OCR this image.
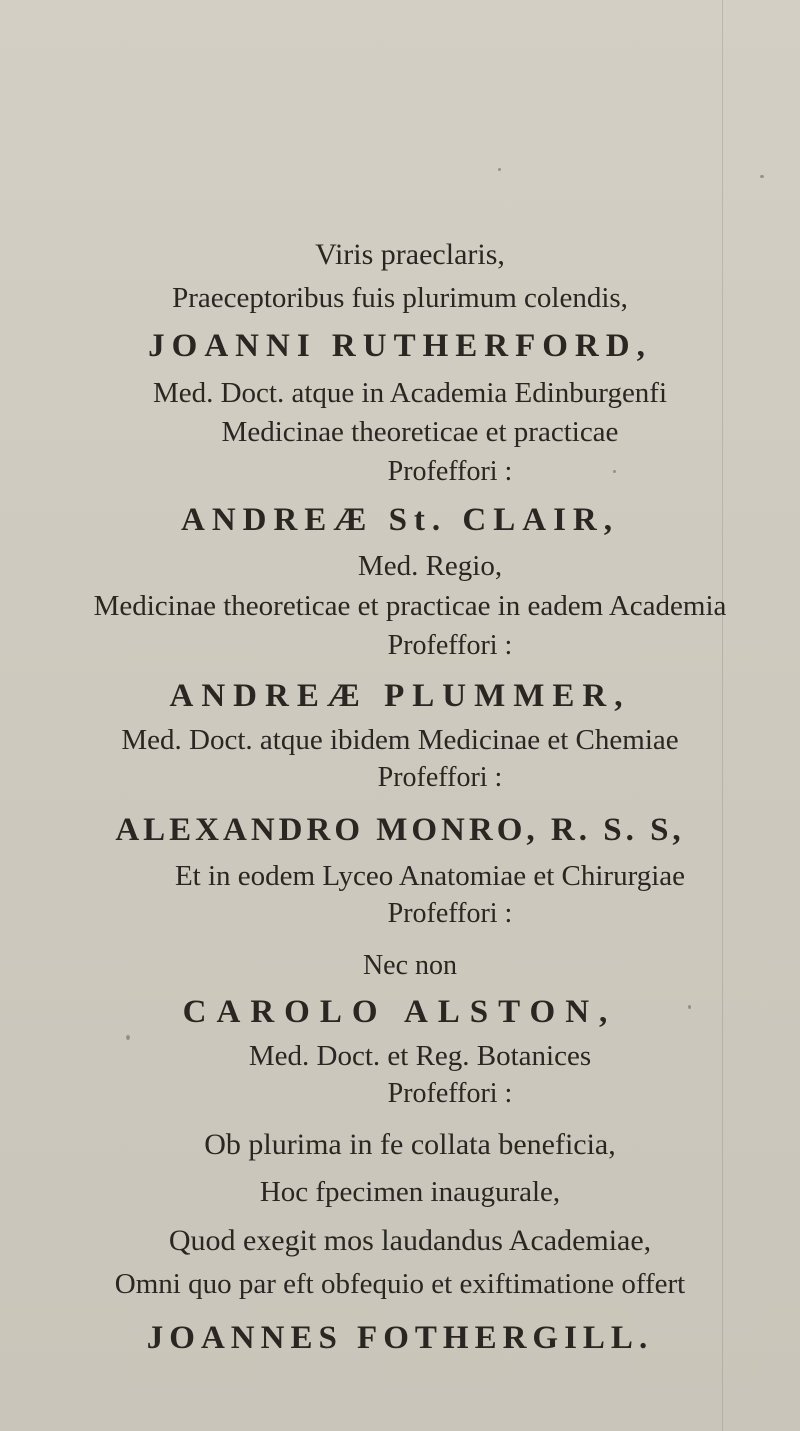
Viris praeclaris,
Praeceptoribus fuis plurimum colendis,
JOANNI RUTHERFORD,
Med. Doct. atque in Academia Edinburgenfi
Medicinae theoreticae et practicae
Profeffori :
ANDREÆ St. CLAIR,
Med. Regio,
Medicinae theoreticae et practicae in eadem Academia
Profeffori :
ANDREÆ PLUMMER,
Med. Doct. atque ibidem Medicinae et Chemiae
Profeffori :
ALEXANDRO MONRO, R. S. S,
Et in eodem Lyceo Anatomiae et Chirurgiae
Profeffori :
Nec non
CAROLO ALSTON,
Med. Doct. et Reg. Botanices
Profeffori :
Ob plurima in fe collata beneficia,
Hoc fpecimen inaugurale,
Quod exegit mos laudandus Academiae,
Omni quo par eft obfequio et exiftimatione offert
JOANNES FOTHERGILL.
